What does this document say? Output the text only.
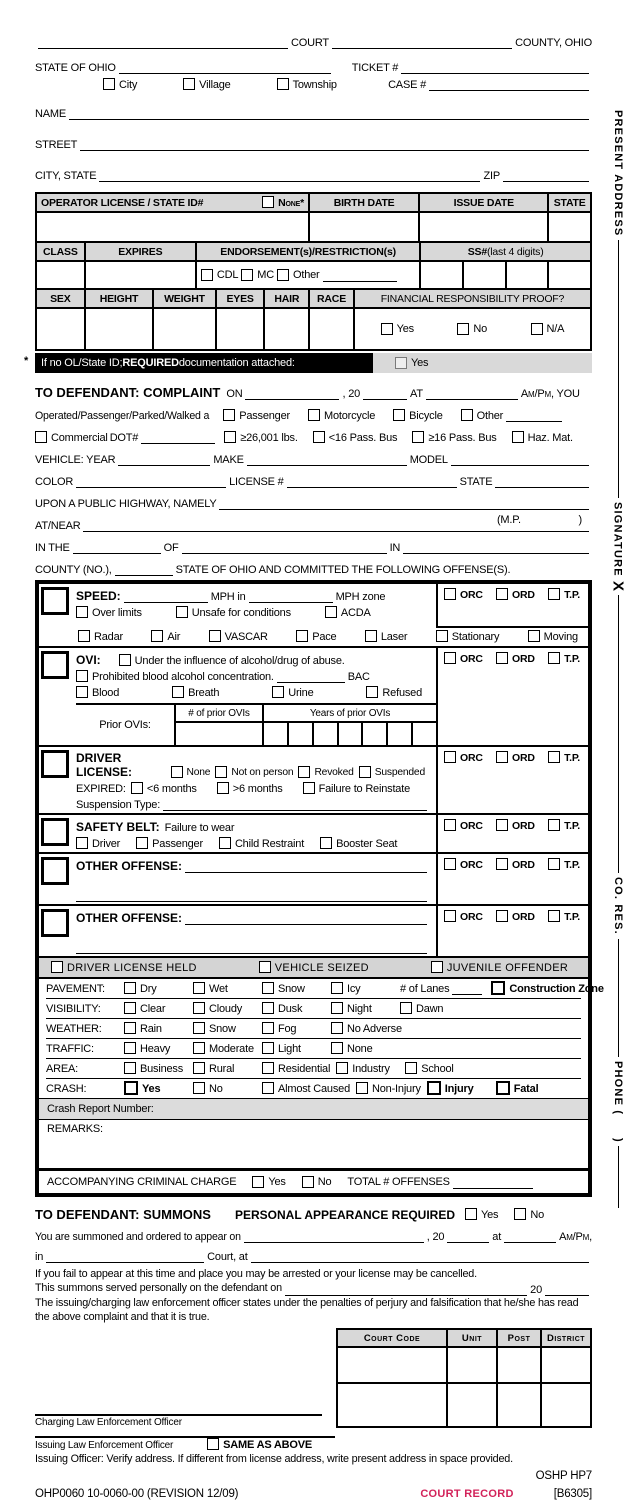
COURT	COUNTY, OHIO
STATE OF OHIO	TICKET #
City	Village	Township	CASE #
NAME
STREET
CITY, STATE	ZIP
OPERATOR LICENSE / STATE ID#	None*	BIRTH DATE	ISSUE DATE	STATE
CLASS	EXPIRES	ENDORSEMENT(s)/RESTRICTION(s)	SS# (last 4 digits)
CDL MC Other
SEX	HEIGHT	WEIGHT	EYES	HAIR	RACE	FINANCIAL RESPONSIBILITY PROOF?
Yes	No	N/A
* If no OL/State ID; REQUIRED documentation attached:	Yes
TO DEFENDANT: COMPLAINT ON	, 20	AT	Am/Pm , YOU
Operated/Passenger/Parked/Walked a	Passenger	Motorcycle	Bicycle	Other
Commercial DOT#	≥26,001 lbs.	<16 Pass. Bus	≥16 Pass. Bus	Haz. Mat.
VEHICLE: YEAR	MAKE	MODEL
COLOR	LICENSE #	STATE
UPON A PUBLIC HIGHWAY, NAMELY
AT/NEAR	(M.P.	)
IN THE	OF	IN
COUNTY (NO.),	STATE OF OHIO AND COMMITTED THE FOLLOWING OFFENSE(S).
SPEED:	MPH in	MPH zone
Over limits	Unsafe for conditions	ACDA
ORC	ORD	T.P.
Radar	Air	VASCAR	Pace	Laser	Stationary	Moving
OVI:	Under the influence of alcohol/drug of abuse.
Prohibited blood alcohol concentration.	BAC
Blood	Breath	Urine	Refused
Prior OVIs:
# of prior OVIs	Years of prior OVIs
ORC	ORD	T.P.
DRIVER LICENSE:	None Not on person Revoked Suspended
EXPIRED: <6 months	>6 months	Failure to Reinstate
Suspension Type:
ORC	ORD	T.P.
SAFETY BELT: Failure to wear
Driver	Passenger	Child Restraint	Booster Seat
ORC	ORD	T.P.
OTHER OFFENSE:	ORC	ORD	T.P.
OTHER OFFENSE:	ORC	ORD	T.P.
DRIVER LICENSE HELD	VEHICLE SEIZED	JUVENILE OFFENDER
PAVEMENT:	Dry	Wet	Snow	Icy	# of Lanes	Construction Zone
VISIBILITY:	Clear	Cloudy	Dusk	Night	Dawn
WEATHER:	Rain	Snow	Fog	No Adverse
TRAFFIC:	Heavy	Moderate Light	None
AREA:	Business Rural	Residential Industry	School
CRASH:	Yes	No	Almost Caused Non-Injury Injury	Fatal
Crash Report Number:
REMARKS:
ACCOMPANYING CRIMINAL CHARGE	Yes	No TOTAL # OFFENSES
TO DEFENDANT: SUMMONS PERSONAL APPEARANCE REQUIRED Yes	No
You are summoned and ordered to appear on	, 20	at	Am/Pm ,
in	Court, at
If you fail to appear at this time and place you may be arrested or your license may be cancelled.
This summons served personally on the defendant on	20
The issuing/charging law enforcement officer states under the penalties of perjury and falsification that he/she has read the above complaint and that it is true.
Charging Law Enforcement Officer
Court Code	Unit	Post	District
Issuing Law Enforcement Officer	SAME AS ABOVE
Issuing Officer: Verify address. If different from license address, write present address in space provided.
OSHP HP7
OHP0060 10-0060-00 (REVISION 12/09)	COURT RECORD	[B6305]
PRESENT ADDRESS
SIGNATURE X
CO. RES.
PHONE (
)
